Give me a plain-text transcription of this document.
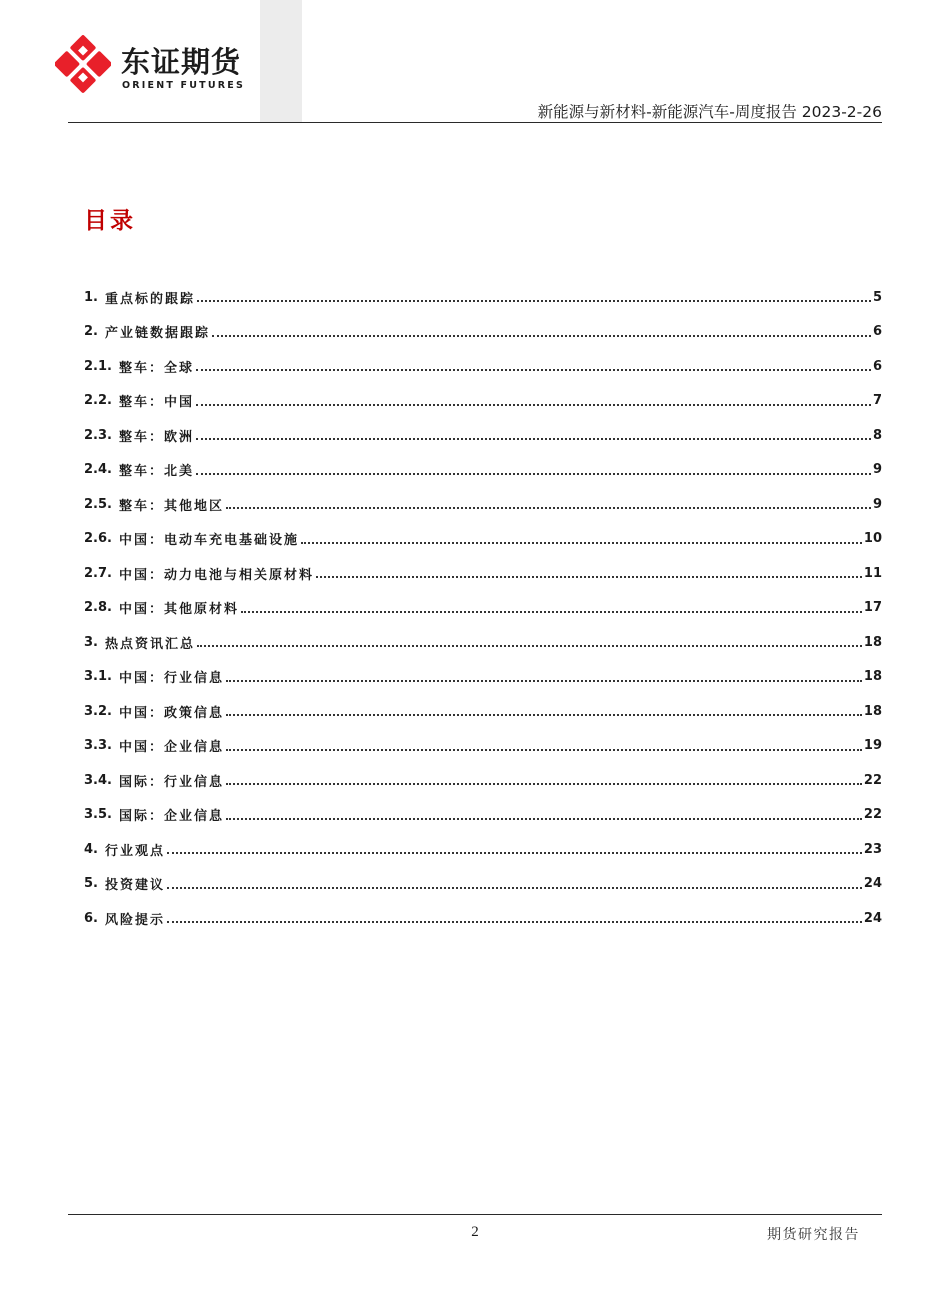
东证期货
ORIENT FUTURES
新能源与新材料-新能源汽车-周度报告 2023-2-26
目录
1. 重点标的跟踪	5
2. 产业链数据跟踪	6
2.1. 整车：全球	6
2.2. 整车：中国	7
2.3. 整车：欧洲	8
2.4. 整车：北美	9
2.5. 整车：其他地区	9
2.6. 中国：电动车充电基础设施	10
2.7. 中国：动力电池与相关原材料	11
2.8. 中国：其他原材料	17
3. 热点资讯汇总	18
3.1. 中国：行业信息	18
3.2. 中国：政策信息	18
3.3. 中国：企业信息	19
3.4. 国际：行业信息	22
3.5. 国际：企业信息	22
4. 行业观点	23
5. 投资建议	24
6. 风险提示	24
2	期货研究报告
